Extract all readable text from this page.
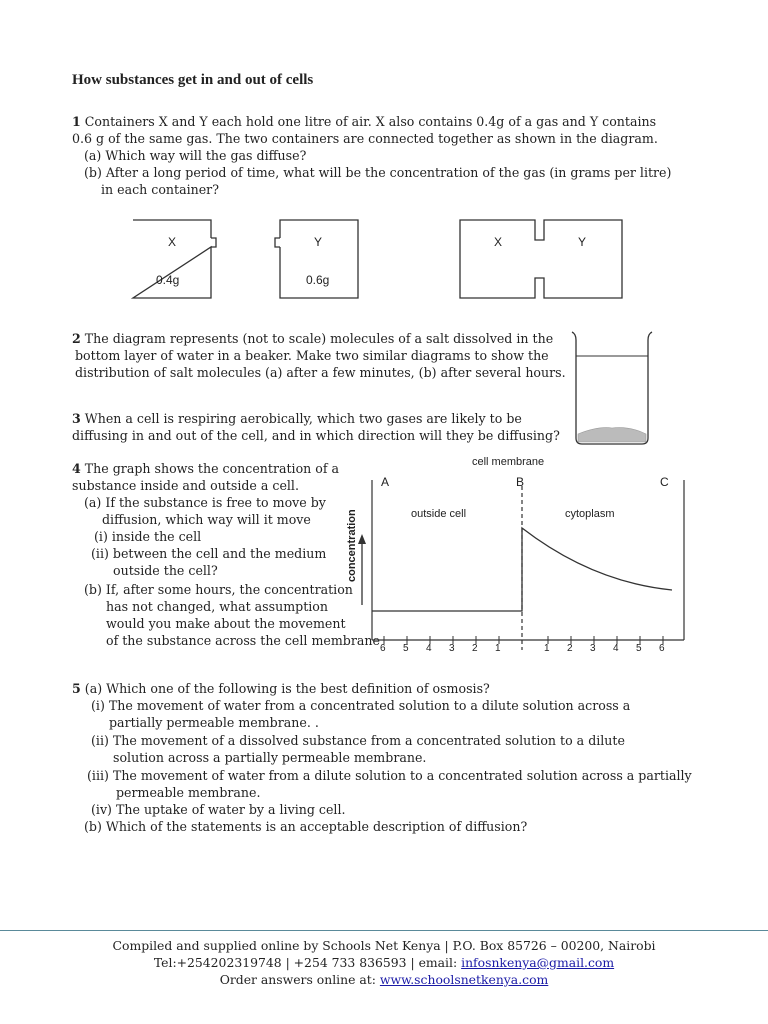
How substances get in and out of cells
1 Containers X and Y each hold one litre of air. X also contains 0.4g of a gas and Y contains
0.6 g of the same gas. The two containers are connected together as shown in the diagram.
(a) Which way will the gas diffuse?
(b) After a long period of time, what will be the concentration of the gas (in grams per litre)
in each container?
X
0.4g
Y
0.6g
X	Y
2 The diagram represents (not to scale) molecules of a salt dissolved in the
bottom layer of water in a beaker. Make two similar diagrams to show the
distribution of salt molecules (a) after a few minutes, (b) after several hours.
3 When a cell is respiring aerobically, which two gases are likely to be
diffusing in and out of the cell, and in which direction will they be diffusing?
4 The graph shows the concentration of a
substance inside and outside a cell.
(a) If the substance is free to move by
diffusion, which way will it move
(i) inside the cell
(ii) between the cell and the medium
outside the cell?
(b) If, after some hours, the concentration
has not changed, what assumption
would you make about the movement
of the substance across the cell membrane
cell membrane
A	B	C
outside cell	cytoplasm
concentration
6 5 4 3 2 1	1 2 3 4 5 6
5 (a) Which one of the following is the best definition of osmosis?
(i) The movement of water from a concentrated solution to a dilute solution across a
partially permeable membrane. .
(ii) The movement of a dissolved substance from a concentrated solution to a dilute
solution across a partially permeable membrane.
(iii) The movement of water from a dilute solution to a concentrated solution across a partially
permeable membrane.
(iv) The uptake of water by a living cell.
(b) Which of the statements is an acceptable description of diffusion?
Compiled and supplied online by Schools Net Kenya | P.O. Box 85726 – 00200, Nairobi
Tel:+254202319748 | +254 733 836593 | email: infosnkenya@gmail.com
Order answers online at: www.schoolsnetkenya.com
